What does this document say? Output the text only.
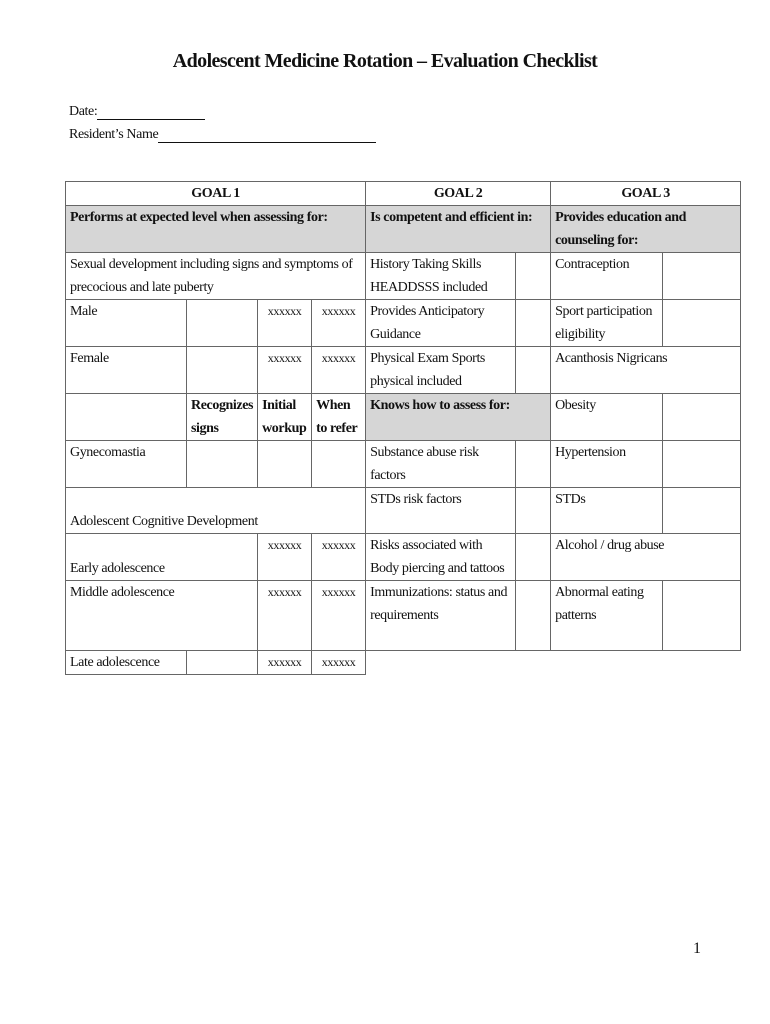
Adolescent Medicine Rotation – Evaluation Checklist
Date:
Resident’s Name
GOAL 1				GOAL 2		GOAL 3	
Performs at expected level when assessing for:				Is competent and efficient in:		Provides education and counseling for:	
Sexual development including signs and symptoms of precocious and late puberty				History Taking Skills HEADDSSS included		Contraception	
Male		xxxxxx	xxxxxx	Provides Anticipatory Guidance		Sport participation eligibility	
Female		xxxxxx	xxxxxx	Physical Exam Sports physical included		Acanthosis Nigricans	
	Recognizes signs	Initial workup	When to refer	Knows how to assess for:		Obesity	
Gynecomastia				Substance abuse risk factors		Hypertension	
Adolescent Cognitive Development				STDs risk factors		STDs	
Early adolescence		xxxxxx	xxxxxx	Risks associated with Body piercing and tattoos		Alcohol / drug abuse	
Middle adolescence		xxxxxx	xxxxxx	Immunizations: status and requirements		Abnormal eating patterns	
Late adolescence		xxxxxx	xxxxxx				
1
